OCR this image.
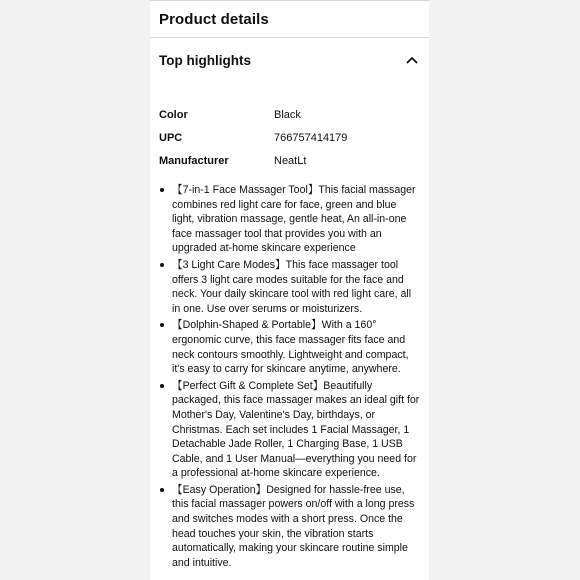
Product details
Top highlights
Color	Black
UPC	766757414179
Manufacturer	NeatLt
【7-in-1 Face Massager Tool】This facial massager combines red light care for face, green and blue light, vibration massage, gentle heat, An all-in-one face massager tool that provides you with an upgraded at-home skincare experience
【3 Light Care Modes】This face massager tool offers 3 light care modes suitable for the face and neck. Your daily skincare tool with red light care, all in one. Use over serums or moisturizers.
【Dolphin-Shaped & Portable】With a 160° ergonomic curve, this face massager fits face and neck contours smoothly. Lightweight and compact, it's easy to carry for skincare anytime, anywhere.
【Perfect Gift & Complete Set】Beautifully packaged, this face massager makes an ideal gift for Mother's Day, Valentine's Day, birthdays, or Christmas. Each set includes 1 Facial Massager, 1 Detachable Jade Roller, 1 Charging Base, 1 USB Cable, and 1 User Manual—everything you need for a professional at-home skincare experience.
【Easy Operation】Designed for hassle-free use, this facial massager powers on/off with a long press and switches modes with a short press. Once the head touches your skin, the vibration starts automatically, making your skincare routine simple and intuitive.
